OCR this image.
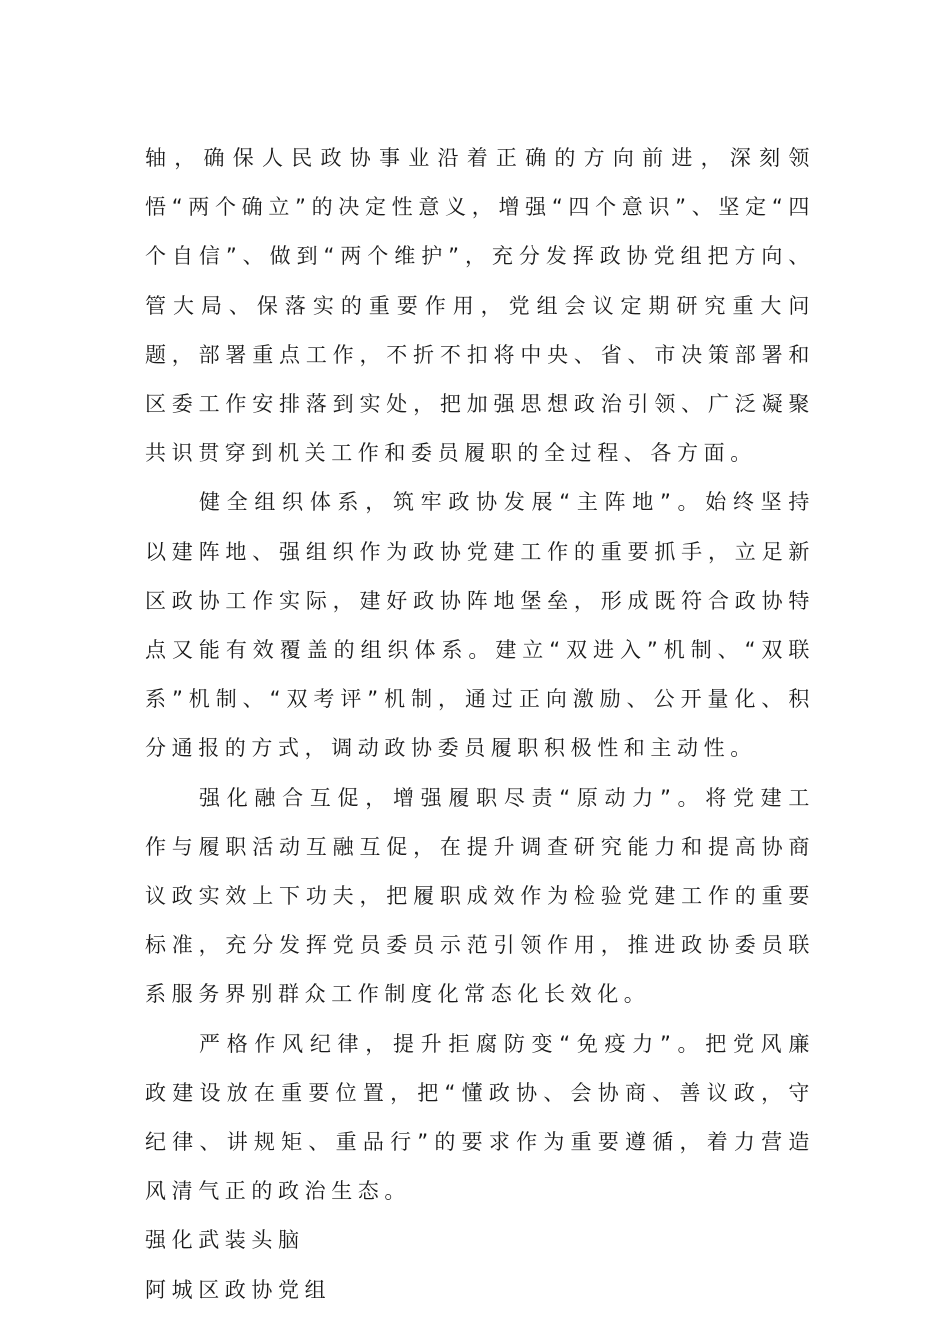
轴，确保人民政协事业沿着正确的方向前进，深刻领悟“两个确立”的决定性意义，增强“四个意识”、坚定“四个自信”、做到“两个维护”，充分发挥政协党组把方向、管大局、保落实的重要作用，党组会议定期研究重大问题，部署重点工作，不折不扣将中央、省、市决策部署和区委工作安排落到实处，把加强思想政治引领、广泛凝聚共识贯穿到机关工作和委员履职的全过程、各方面。

健全组织体系，筑牢政协发展“主阵地”。始终坚持以建阵地、强组织作为政协党建工作的重要抓手，立足新区政协工作实际，建好政协阵地堡垒，形成既符合政协特点又能有效覆盖的组织体系。建立“双进入”机制、“双联系”机制、“双考评”机制，通过正向激励、公开量化、积分通报的方式，调动政协委员履职积极性和主动性。

强化融合互促，增强履职尽责“原动力”。将党建工作与履职活动互融互促，在提升调查研究能力和提高协商议政实效上下功夫，把履职成效作为检验党建工作的重要标准，充分发挥党员委员示范引领作用，推进政协委员联系服务界别群众工作制度化常态化长效化。

严格作风纪律，提升拒腐防变“免疫力”。把党风廉政建设放在重要位置，把“懂政协、会协商、善议政，守纪律、讲规矩、重品行”的要求作为重要遵循，着力营造风清气正的政治生态。

强化武装头脑

阿城区政协党组
